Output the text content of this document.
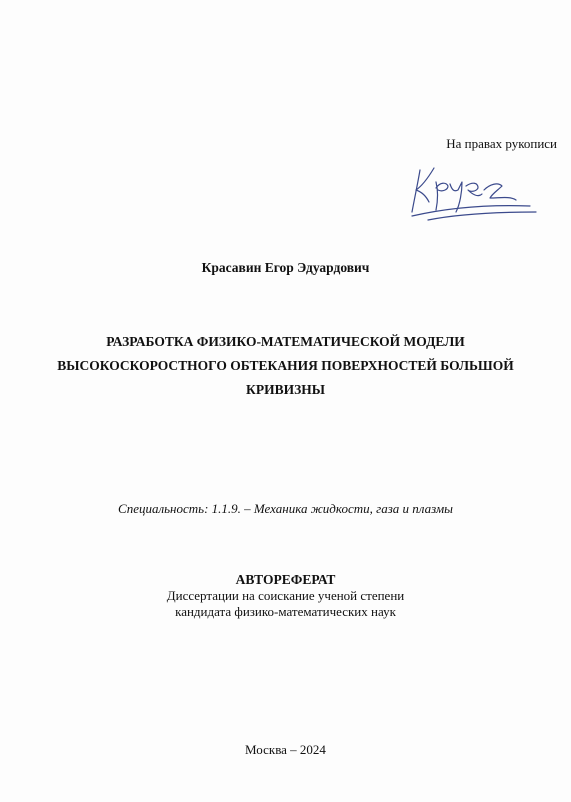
На правах рукописи
Красавин Егор Эдуардович
РАЗРАБОТКА ФИЗИКО-МАТЕМАТИЧЕСКОЙ МОДЕЛИ
ВЫСОКОСКОРОСТНОГО ОБТЕКАНИЯ ПОВЕРХНОСТЕЙ БОЛЬШОЙ
КРИВИЗНЫ
Специальность: 1.1.9. – Механика жидкости, газа и плазмы
АВТОРЕФЕРАТ
Диссертации на соискание ученой степени
кандидата физико-математических наук
Москва – 2024
